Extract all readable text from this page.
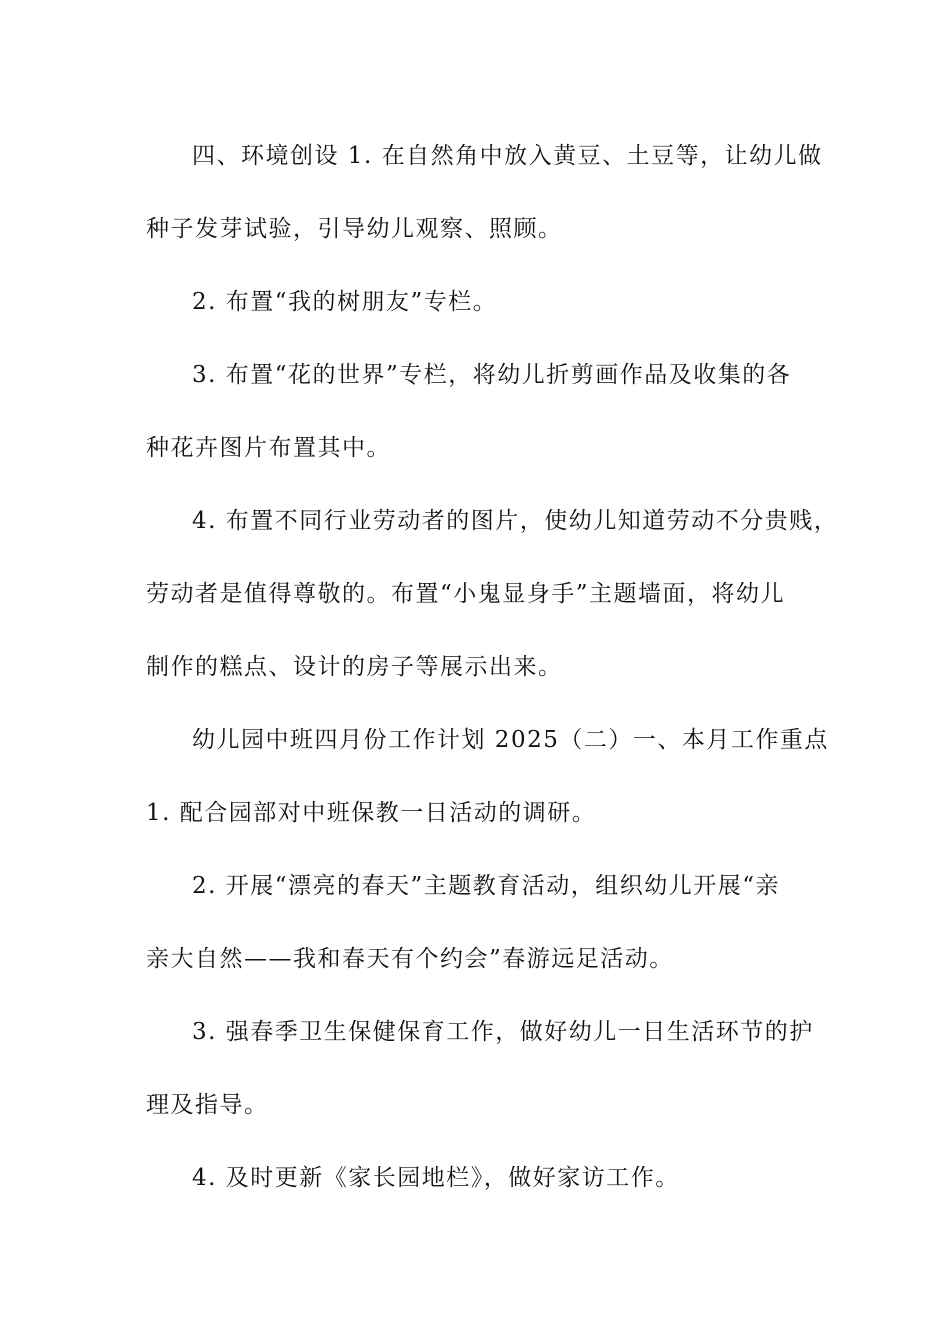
四、环境创设 1. 在自然角中放入黄豆、土豆等，让幼儿做
种子发芽试验，引导幼儿观察、照顾。
2. 布置“我的树朋友”专栏。
3. 布置“花的世界”专栏，将幼儿折剪画作品及收集的各
种花卉图片布置其中。
4. 布置不同行业劳动者的图片，使幼儿知道劳动不分贵贱，
劳动者是值得尊敬的。布置“小鬼显身手”主题墙面，将幼儿
制作的糕点、设计的房子等展示出来。
幼儿园中班四月份工作计划 2025（二）一、本月工作重点
1. 配合园部对中班保教一日活动的调研。
2. 开展“漂亮的春天”主题教育活动，组织幼儿开展“亲
亲大自然——我和春天有个约会”春游远足活动。
3. 强春季卫生保健保育工作，做好幼儿一日生活环节的护
理及指导。
4. 及时更新《家长园地栏》，做好家访工作。
